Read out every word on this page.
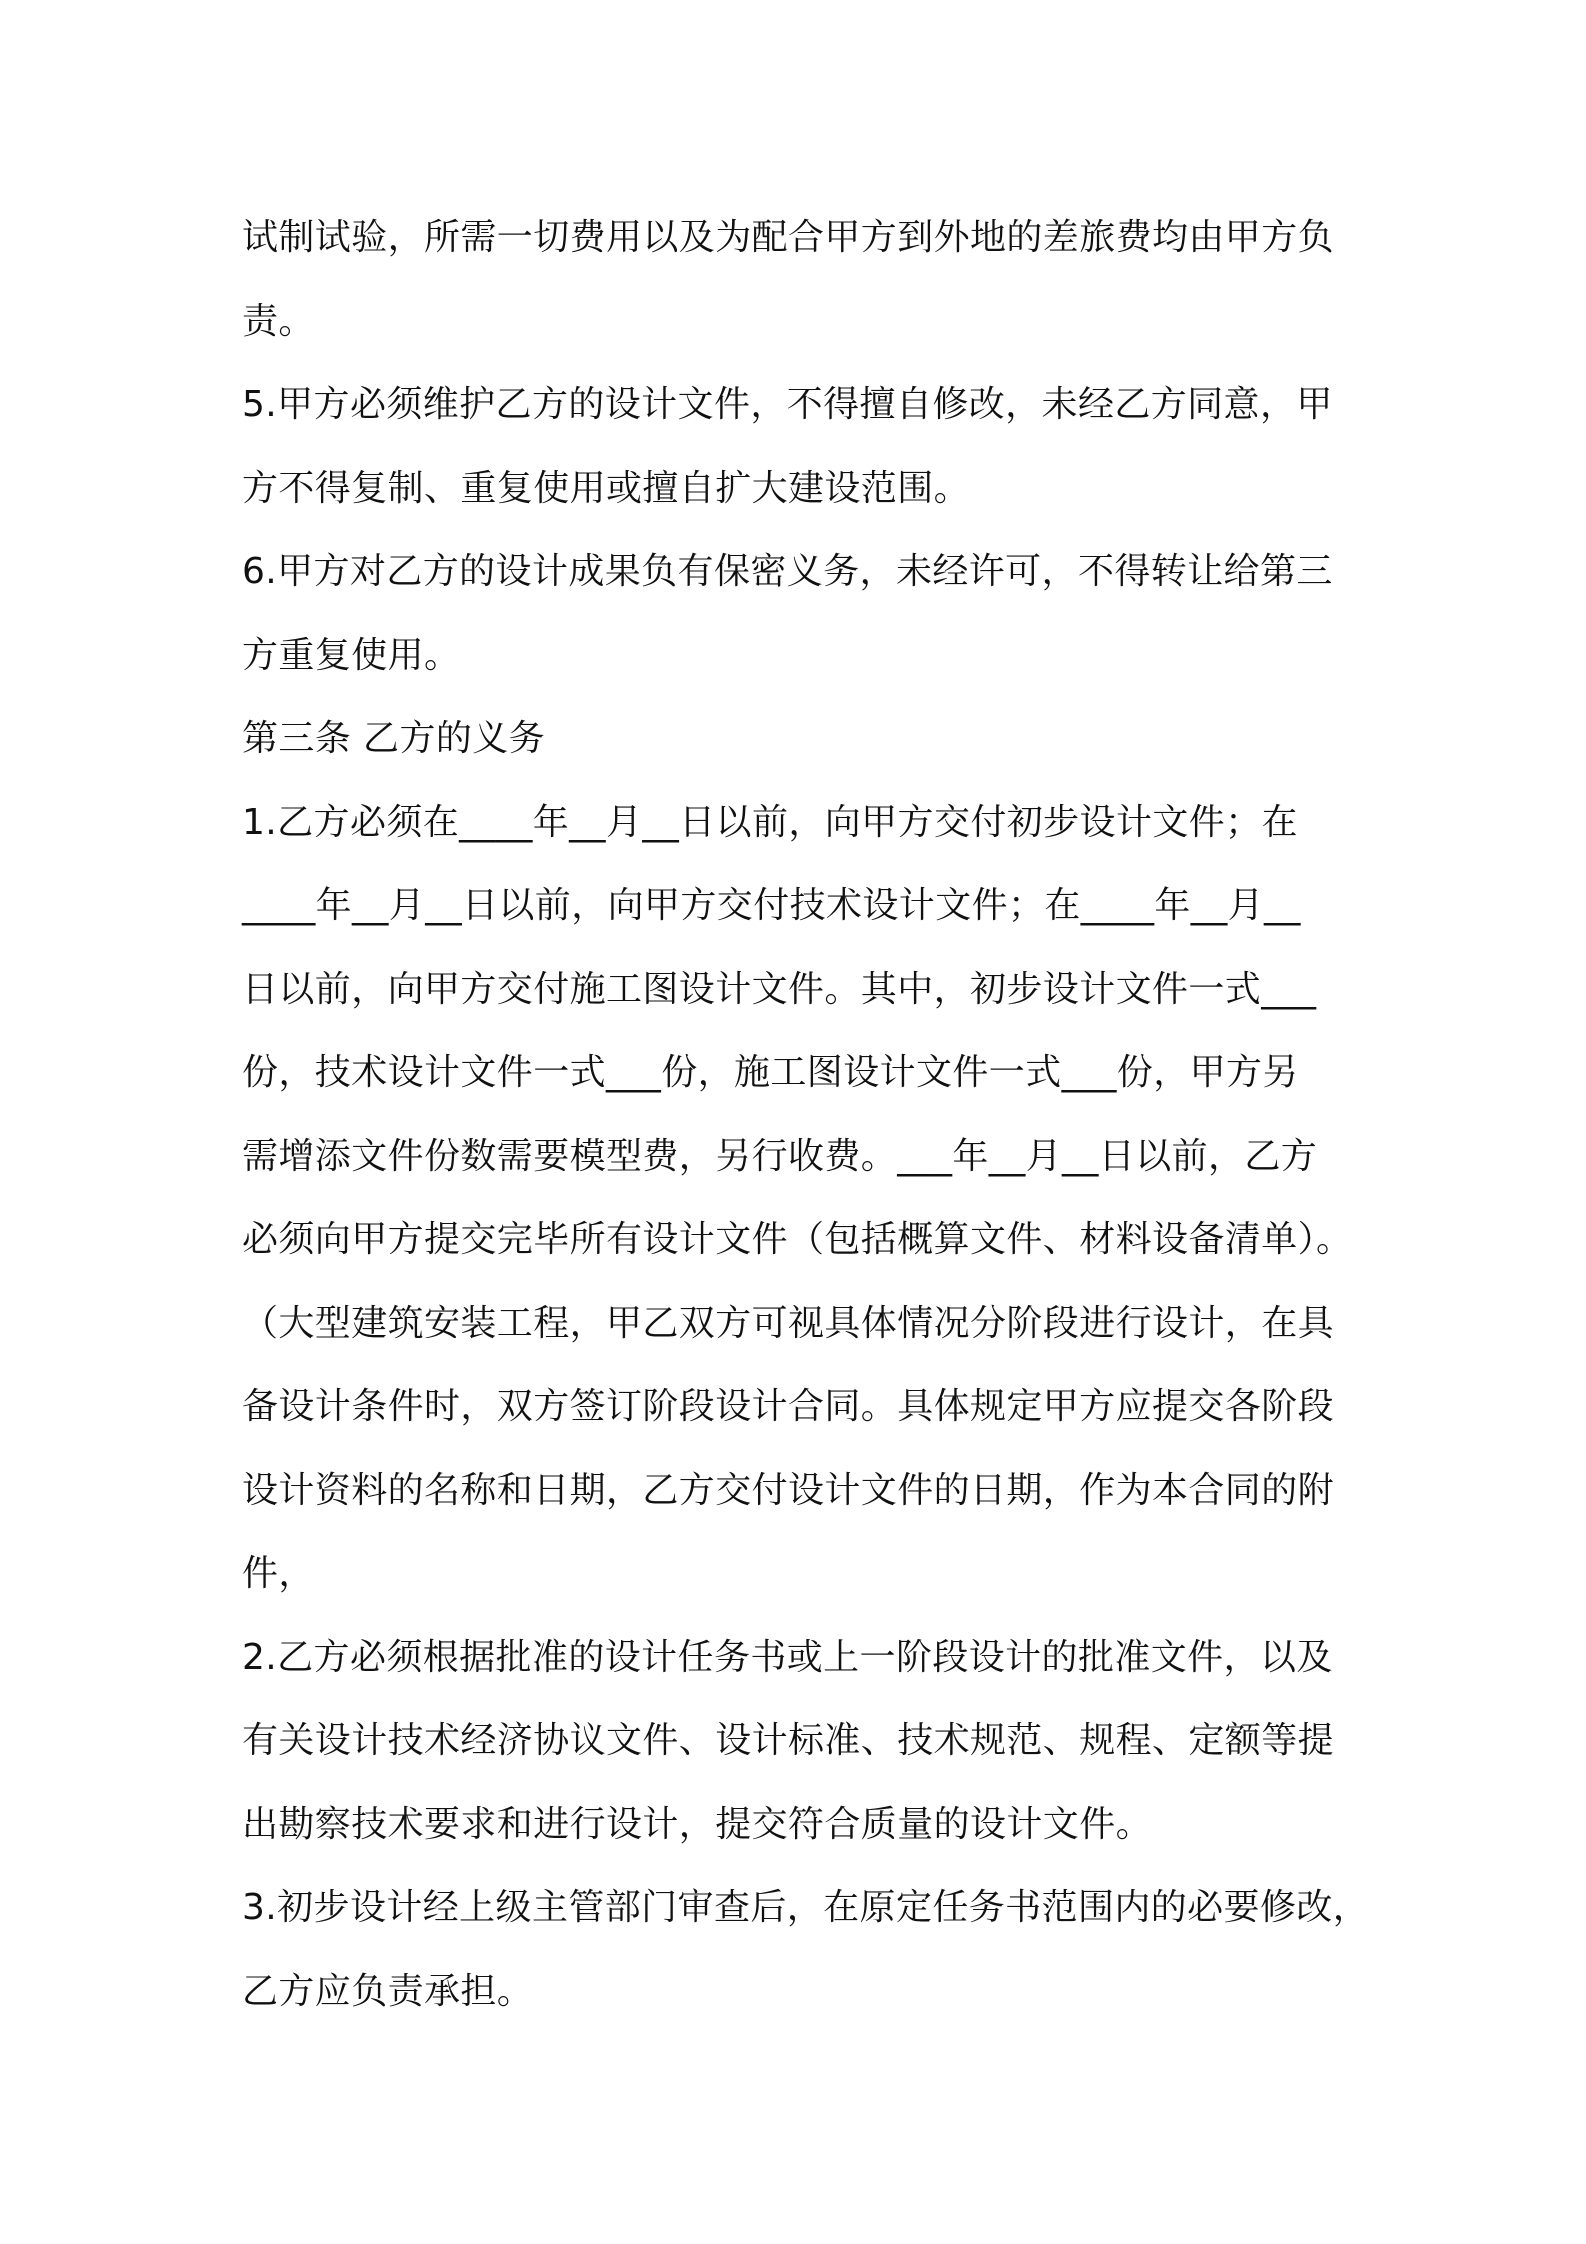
试制试验，所需一切费用以及为配合甲方到外地的差旅费均由甲方负
责。
5.甲方必须维护乙方的设计文件，不得擅自修改，未经乙方同意，甲
方不得复制、重复使用或擅自扩大建设范围。
6.甲方对乙方的设计成果负有保密义务，未经许可，不得转让给第三
方重复使用。
第三条 乙方的义务
1.乙方必须在____年__月__日以前，向甲方交付初步设计文件；在
____年__月__日以前，向甲方交付技术设计文件；在____年__月__
日以前，向甲方交付施工图设计文件。其中，初步设计文件一式___
份，技术设计文件一式___份，施工图设计文件一式___份，甲方另
需增添文件份数需要模型费，另行收费。___年__月__日以前，乙方
必须向甲方提交完毕所有设计文件（包括概算文件、材料设备清单）。
（大型建筑安装工程，甲乙双方可视具体情况分阶段进行设计，在具
备设计条件时，双方签订阶段设计合同。具体规定甲方应提交各阶段
设计资料的名称和日期，乙方交付设计文件的日期，作为本合同的附
件，
2.乙方必须根据批准的设计任务书或上一阶段设计的批准文件，以及
有关设计技术经济协议文件、设计标准、技术规范、规程、定额等提
出勘察技术要求和进行设计，提交符合质量的设计文件。
3.初步设计经上级主管部门审查后，在原定任务书范围内的必要修改，
乙方应负责承担。
